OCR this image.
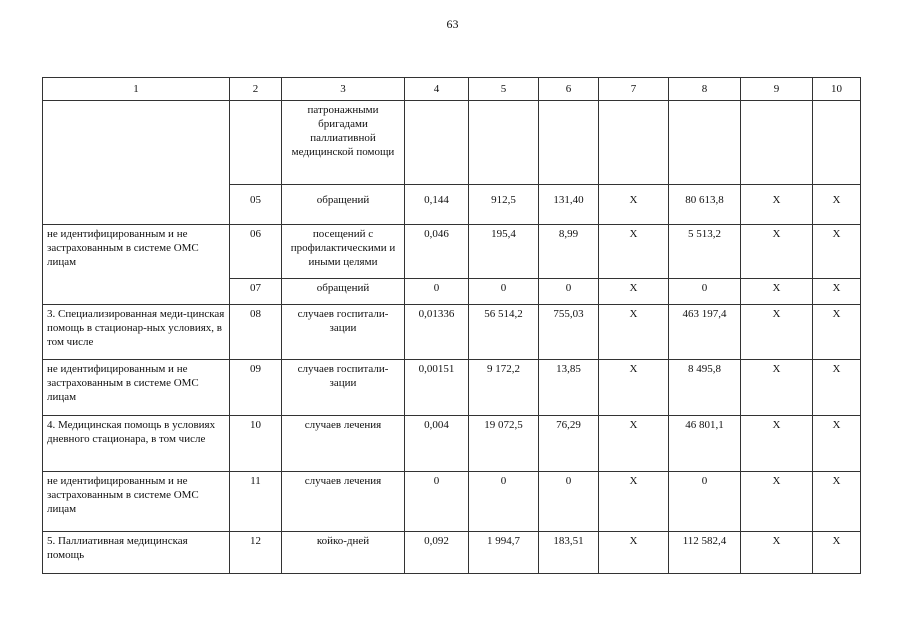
63
1	2	3	4	5	6	7	8	9	10
		патронажными бригадами паллиативной медицинской помощи							
	05	обращений	0,144	912,5	131,40	Х	80 613,8	Х	Х
не идентифицированным и не застрахованным в системе ОМС лицам	06	посещений с профилактическими и иными целями	0,046	195,4	8,99	Х	5 513,2	Х	Х
	07	обращений	0	0	0	Х	0	Х	Х
3. Специализированная меди-цинская помощь в стационар-ных условиях, в том числе	08	случаев госпитали-зации	0,01336	56 514,2	755,03	Х	463 197,4	Х	Х
не идентифицированным и не застрахованным в системе ОМС лицам	09	случаев госпитали-зации	0,00151	9 172,2	13,85	Х	8 495,8	Х	Х
4. Медицинская помощь в условиях дневного стационара, в том числе	10	случаев лечения	0,004	19 072,5	76,29	Х	46 801,1	Х	Х
не идентифицированным и не застрахованным в системе ОМС лицам	11	случаев лечения	0	0	0	Х	0	Х	Х
5. Паллиативная медицинская помощь	12	койко-дней	0,092	1 994,7	183,51	Х	112 582,4	Х	Х
